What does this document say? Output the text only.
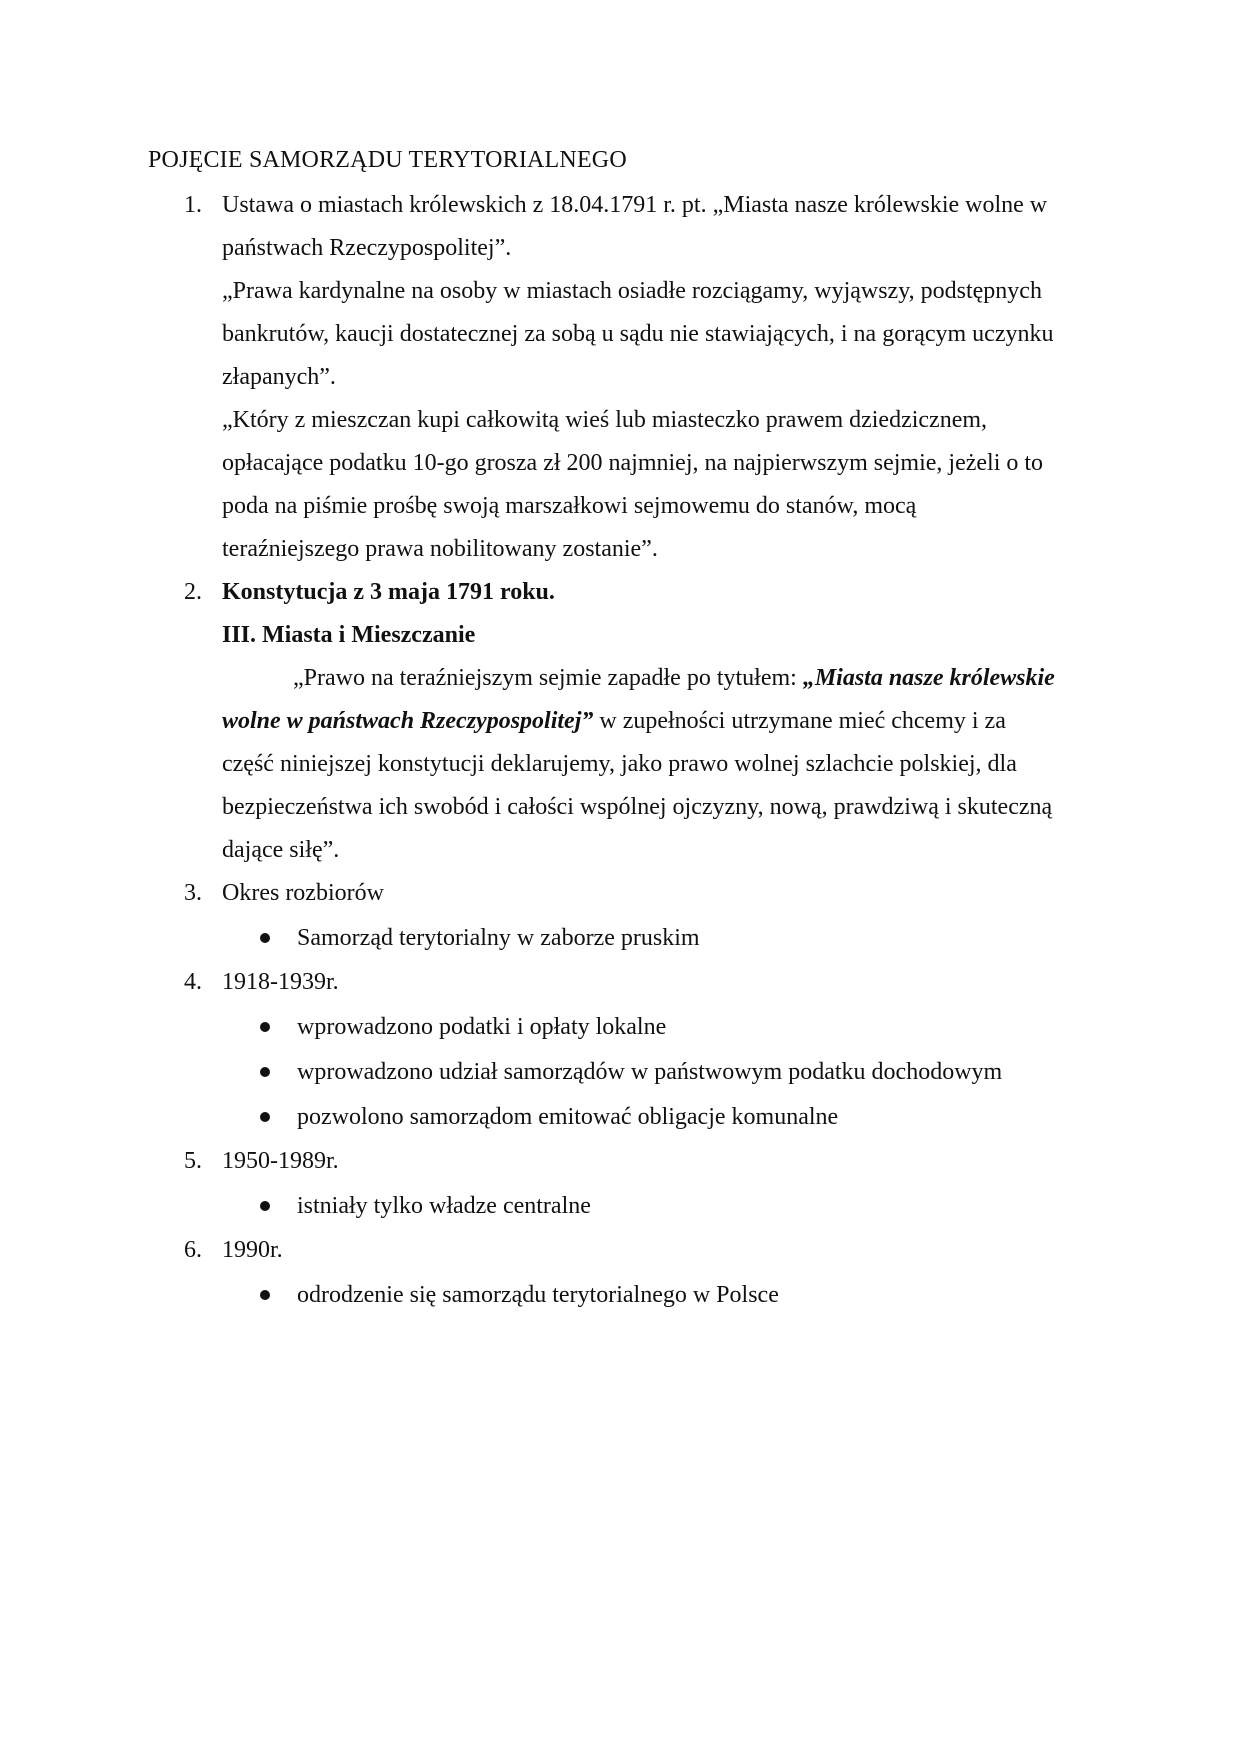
POJĘCIE SAMORZĄDU TERYTORIALNEGO
1. Ustawa o miastach królewskich z 18.04.1791 r. pt. „Miasta nasze królewskie wolne w
państwach Rzeczypospolitej”.
„Prawa kardynalne na osoby w miastach osiadłe rozciągamy, wyjąwszy, podstępnych
bankrutów, kaucji dostatecznej za sobą u sądu nie stawiających, i na gorącym uczynku
złapanych”.
„Który z mieszczan kupi całkowitą wieś lub miasteczko prawem dziedzicznem,
opłacające podatku 10-go grosza zł 200 najmniej, na najpierwszym sejmie, jeżeli o to
poda na piśmie prośbę swoją marszałkowi sejmowemu do stanów, mocą
teraźniejszego prawa nobilitowany zostanie”.
2. Konstytucja z 3 maja 1791 roku.
III. Miasta i Mieszczanie
„Prawo na teraźniejszym sejmie zapadłe po tytułem: „Miasta nasze królewskie
wolne w państwach Rzeczypospolitej” w zupełności utrzymane mieć chcemy i za
część niniejszej konstytucji deklarujemy, jako prawo wolnej szlachcie polskiej, dla
bezpieczeństwa ich swobód i całości wspólnej ojczyzny, nową, prawdziwą i skuteczną
dające siłę”.
3. Okres rozbiorów
Samorząd terytorialny w zaborze pruskim
4. 1918-1939r.
wprowadzono podatki i opłaty lokalne
wprowadzono udział samorządów w państwowym podatku dochodowym
pozwolono samorządom emitować obligacje komunalne
5. 1950-1989r.
istniały tylko władze centralne
6. 1990r.
odrodzenie się samorządu terytorialnego w Polsce
